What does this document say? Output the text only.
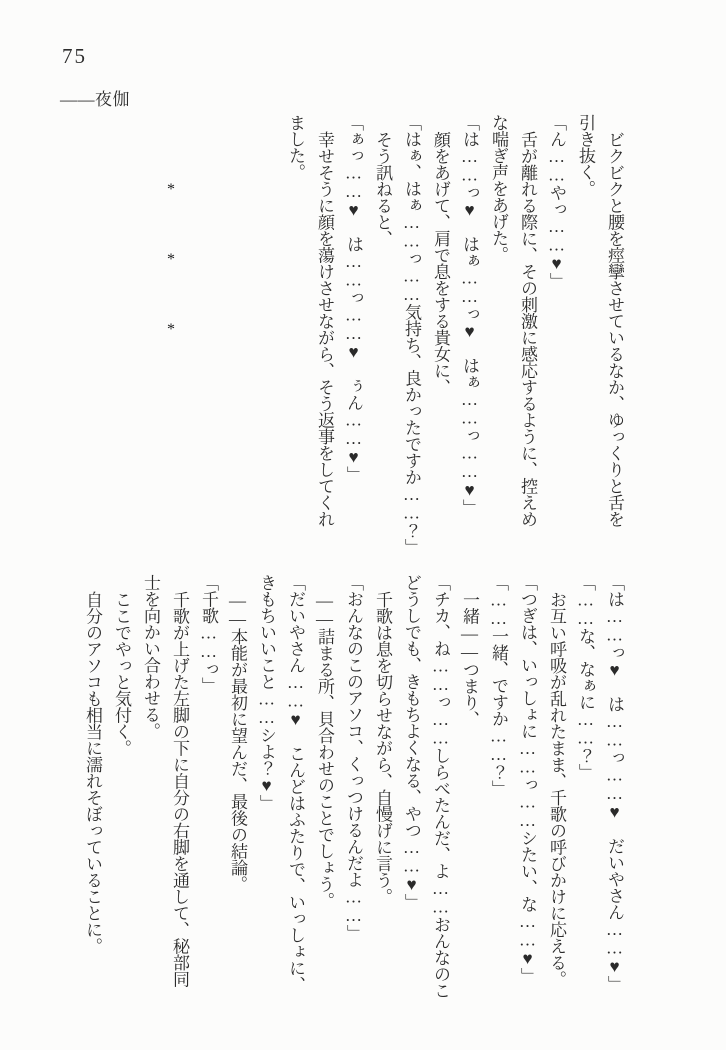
75
――夜伽

ビクビクと腰を痙攣させているなか、ゆっくりと舌を

引き抜く。

「ん……やっ……♥」

舌が離れる際に、その刺激に感応するように、控えめ

な喘ぎ声をあげた。

「は……っ♥　はぁ……っ♥　はぁ……っ……♥」

顔をあげて、肩で息をする貴女に、

「はぁ、はぁ……っ……気持ち、良かったですか……？」

そう訊ねると、

「ぁっ……♥　は……っ……♥　ぅん……♥」

幸せそうに顔を蕩けさせながら、そう返事をしてくれ

ました。

*
*
*

「は……っ♥　は……っ……♥　だいやさん……♥」

「……な、なぁに……？」

お互い呼吸が乱れたまま、千歌の呼びかけに応える。

「つぎは、いっしょに……っ……シたい、な……♥」

「……一緒、ですか……？」

一緒――つまり、

「チカ、ね……っ……しらべたんだ、よ……おんなのこ

どうしでも、きもちよくなる、やつ……♥」

千歌は息を切らせながら、自慢げに言う。

「おんなのこのアソコ、くっつけるんだよ……」

――詰まる所、貝合わせのことでしょう。

「だいやさん……♥　こんどはふたりで、いっしょに、

きもちいいこと……シよ？♥」

――本能が最初に望んだ、最後の結論。

「千歌……っ」

千歌が上げた左脚の下に自分の右脚を通して、秘部同

士を向かい合わせる。

ここでやっと気付く。

自分のアソコも相当に濡れそぼっていることに。
